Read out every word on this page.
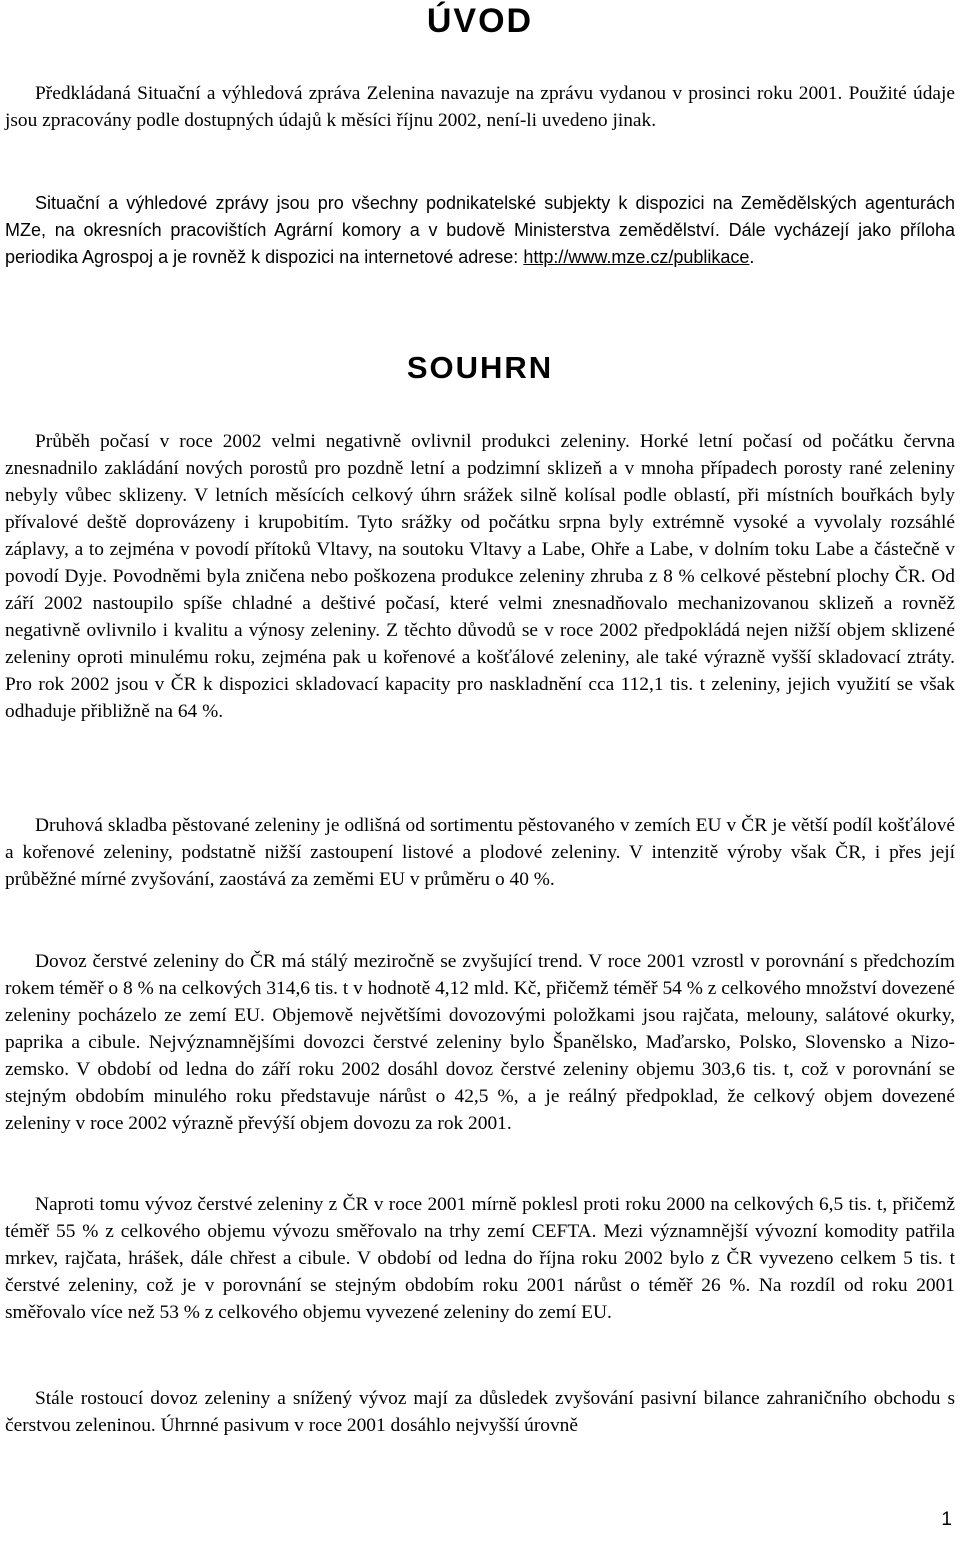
ÚVOD

Předkládaná Situační a výhledová zpráva Zelenina navazuje na zprávu vydanou v prosinci roku 2001. Použité údaje jsou zpracovány podle dostupných údajů k měsíci říjnu 2002, není-li uvedeno jinak.

Situační a výhledové zprávy jsou pro všechny podnikatelské subjekty k dispozici na Zemědělských agenturách MZe, na okresních pracovištích Agrární komory a v budově Ministerstva zemědělství. Dále vycházejí jako příloha periodika Agrospoj a je rovněž k dispozici na internetové adrese: http://www.mze.cz/publikace.

SOUHRN

Průběh počasí v roce 2002 velmi negativně ovlivnil produkci zeleniny. Horké letní počasí od počátku června znesnadnilo zakládání nových porostů pro pozdně letní a podzimní sklizeň a v mnoha případech porosty rané zeleniny nebyly vůbec sklizeny. V letních měsících celkový úhrn srážek silně kolísal podle oblastí, při místních bouřkách byly přívalové deště doprovázeny i krupobitím. Tyto srážky od počátku srpna byly extrémně vysoké a vyvolaly rozsáhlé záplavy, a to zejména v povodí přítoků Vltavy, na soutoku Vltavy a Labe, Ohře a Labe, v dolním toku Labe a částečně v povodí Dyje. Povodněmi byla zničena nebo poškozena produkce zeleniny zhruba z 8 % celkové pěstební plochy ČR. Od září 2002 nastoupilo spíše chladné a deštivé počasí, které velmi znesnadňovalo mechanizovanou sklizeň a rovněž negativně ovlivnilo i kvalitu a výnosy zeleniny. Z těchto důvodů se v roce 2002 předpokládá nejen nižší objem sklizené zeleniny oproti minulému roku, zejména pak u kořenové a košťálové zeleniny, ale také výrazně vyšší skladovací ztráty. Pro rok 2002 jsou v ČR k dispozici skladovací kapacity pro naskladnění cca 112,1 tis. t zeleniny, jejich využití se však odhaduje přibližně na 64 %.

Druhová skladba pěstované zeleniny je odlišná od sortimentu pěstovaného v zemích EU v ČR je větší podíl košťálové a kořenové zeleniny, podstatně nižší zastoupení listové a plodové zeleniny. V intenzitě výroby však ČR, i přes její průběžné mírné zvyšování, zaostává za zeměmi EU v průměru o 40 %.

Dovoz čerstvé zeleniny do ČR má stálý meziročně se zvyšující trend. V roce 2001 vzrostl v porovnání s předchozím rokem téměř o 8 % na celkových 314,6 tis. t v hodnotě 4,12 mld. Kč, přičemž téměř 54 % z celkového množství dovezené zeleniny pocházelo ze zemí EU. Objemově největšími dovozovými položkami jsou rajčata, melouny, salátové okurky, paprika a cibule. Nejvýznamnějšími dovozci čerstvé zeleniny bylo Španělsko, Maďarsko, Polsko, Slovensko a Nizo-zemsko. V období od ledna do září roku 2002 dosáhl dovoz čerstvé zeleniny objemu 303,6 tis. t, což v porovnání se stejným obdobím minulého roku představuje nárůst o 42,5 %, a je reálný předpoklad, že celkový objem dovezené zeleniny v roce 2002 výrazně převýší objem dovozu za rok 2001.

Naproti tomu vývoz čerstvé zeleniny z ČR v roce 2001 mírně poklesl proti roku 2000 na celkových 6,5 tis. t, přičemž téměř 55 % z celkového objemu vývozu směřovalo na trhy zemí CEFTA. Mezi významnější vývozní komodity patřila mrkev, rajčata, hrášek, dále chřest a cibule. V období od ledna do října roku 2002 bylo z ČR vyvezeno celkem 5 tis. t čerstvé zeleniny, což je v porovnání se stejným obdobím roku 2001 nárůst o téměř 26 %. Na rozdíl od roku 2001 směřovalo více než 53 % z celkového objemu vyvezené zeleniny do zemí EU.

Stále rostoucí dovoz zeleniny a snížený vývoz mají za důsledek zvyšování pasivní bilance zahraničního obchodu s čerstvou zeleninou. Úhrnné pasivum v roce 2001 dosáhlo nejvyšší úrovně

1
